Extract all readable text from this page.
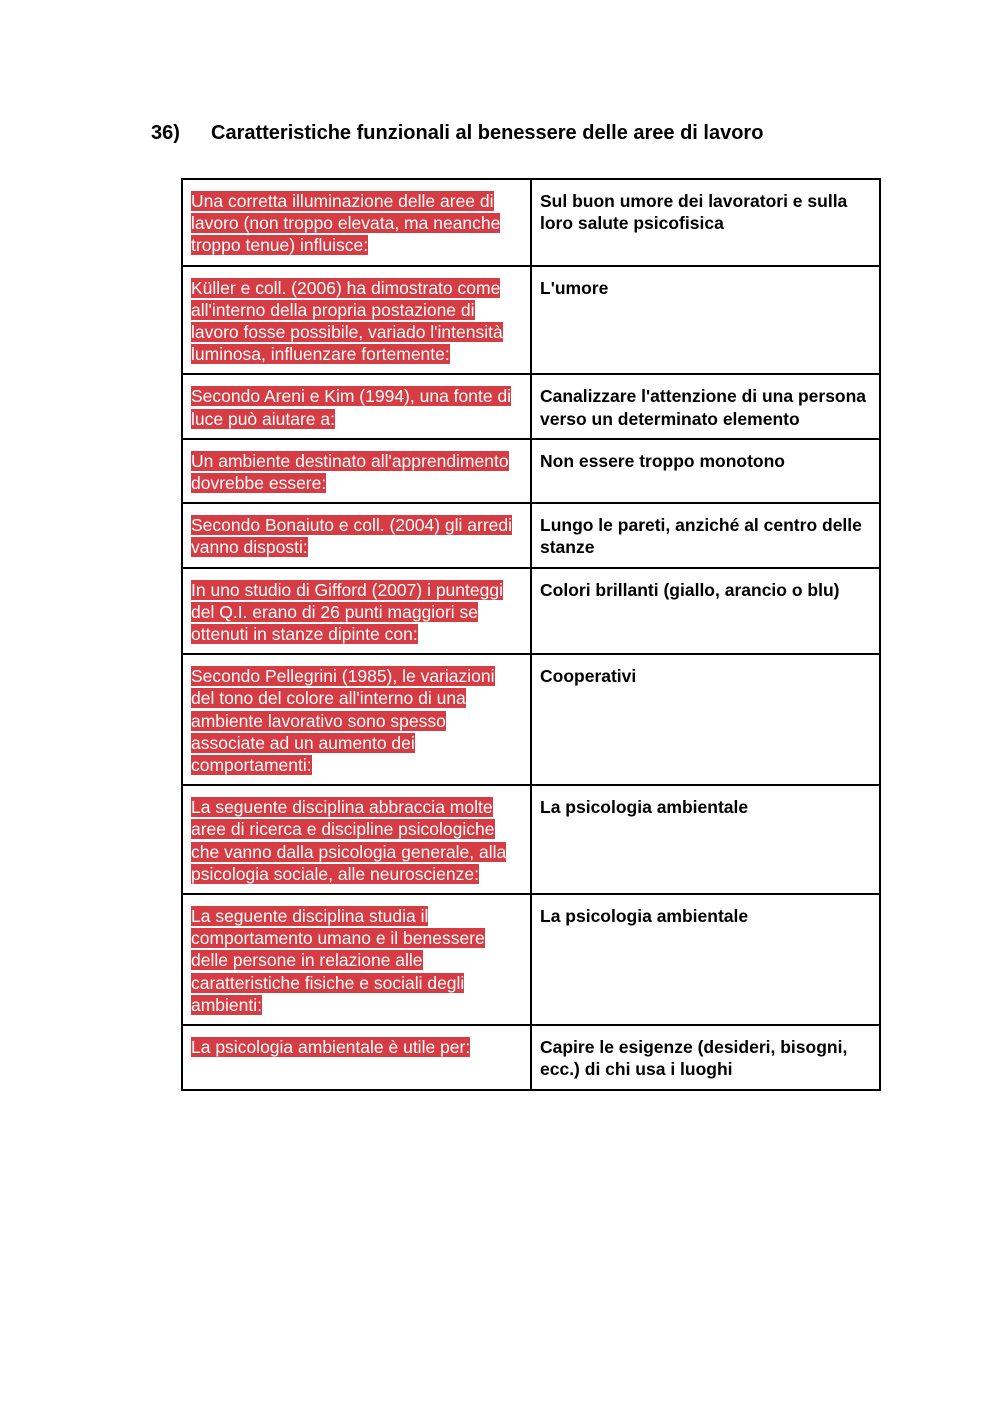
36) Caratteristiche funzionali al benessere delle aree di lavoro
Una corretta illuminazione delle aree di lavoro (non troppo elevata, ma neanche troppo tenue) influisce:	Sul buon umore dei lavoratori e sulla loro salute psicofisica
Küller e coll. (2006) ha dimostrato come all'interno della propria postazione di lavoro fosse possibile, variado l'intensità luminosa, influenzare fortemente:	L'umore
Secondo Areni e Kim (1994), una fonte di luce può aiutare a:	Canalizzare l'attenzione di una persona verso un determinato elemento
Un ambiente destinato all'apprendimento dovrebbe essere:	Non essere troppo monotono
Secondo Bonaiuto e coll. (2004) gli arredi vanno disposti:	Lungo le pareti, anziché al centro delle stanze
In uno studio di Gifford (2007) i punteggi del Q.I. erano di 26 punti maggiori se ottenuti in stanze dipinte con:	Colori brillanti (giallo, arancio o blu)
Secondo Pellegrini (1985), le variazioni del tono del colore all'interno di una ambiente lavorativo sono spesso associate ad un aumento dei comportamenti:	Cooperativi
La seguente disciplina abbraccia molte aree di ricerca e discipline psicologiche che vanno dalla psicologia generale, alla psicologia sociale, alle neuroscienze:	La psicologia ambientale
La seguente disciplina studia il comportamento umano e il benessere delle persone in relazione alle caratteristiche fisiche e sociali degli ambienti:	La psicologia ambientale
La psicologia ambientale è utile per:	Capire le esigenze (desideri, bisogni, ecc.) di chi usa i luoghi
